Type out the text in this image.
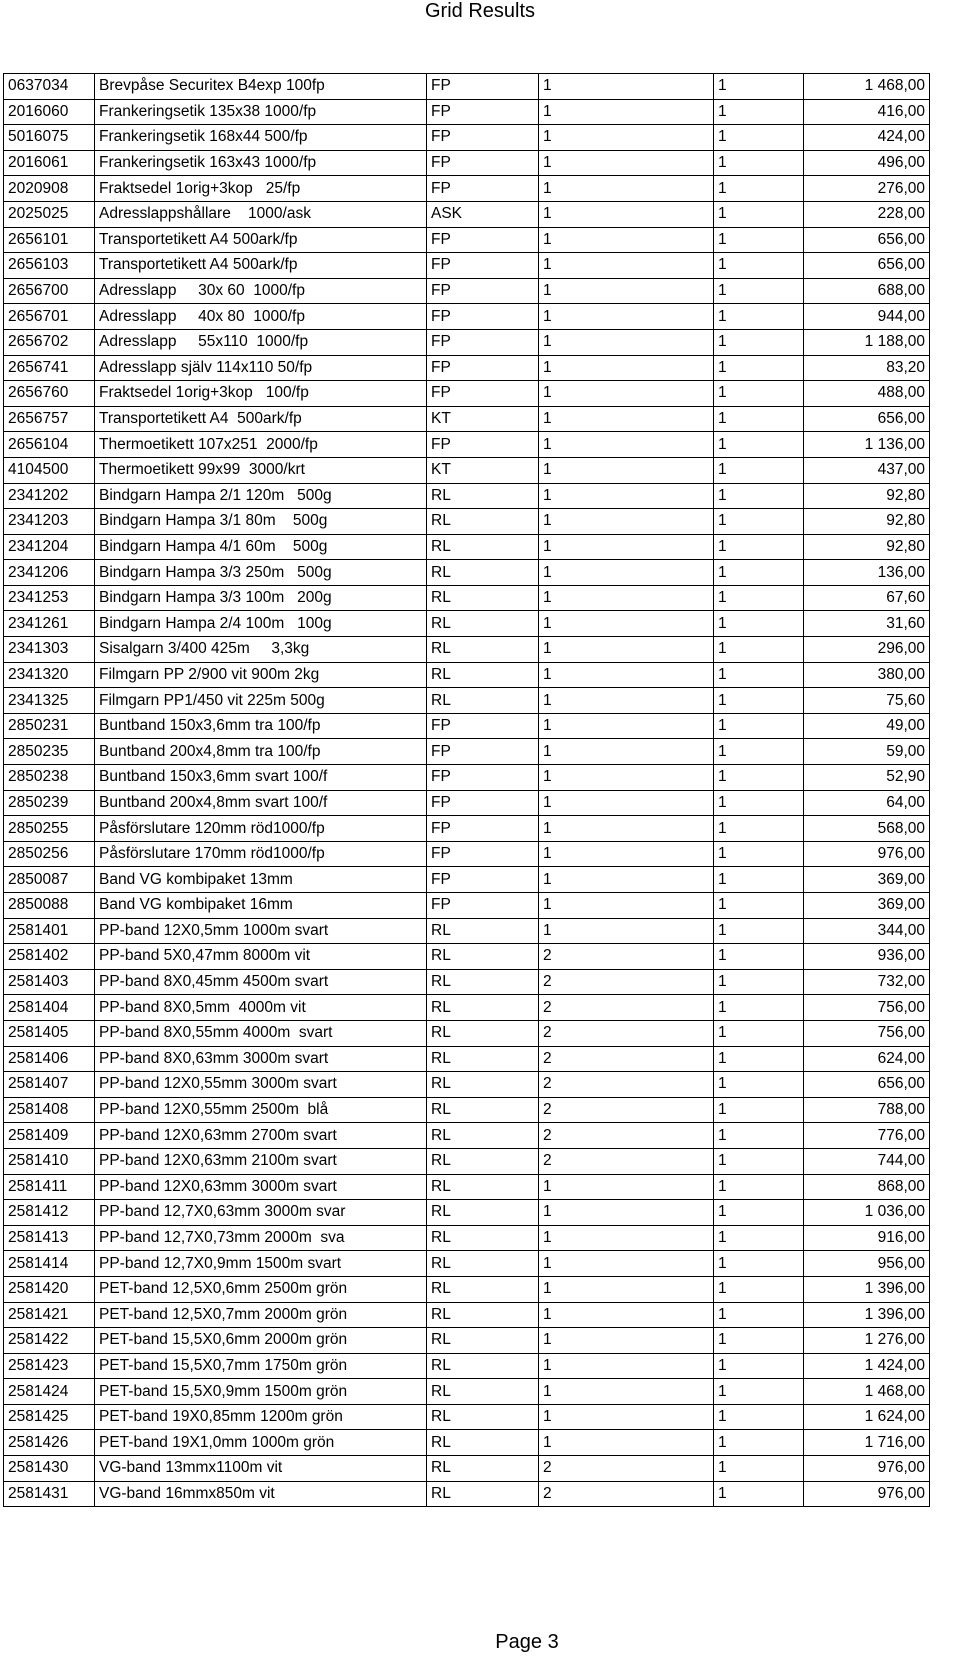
Grid Results
0637034	Brevpåse Securitex B4exp 100fp	FP	1	1	1 468,00
2016060	Frankeringsetik 135x38 1000/fp	FP	1	1	416,00
5016075	Frankeringsetik 168x44 500/fp	FP	1	1	424,00
2016061	Frankeringsetik 163x43 1000/fp	FP	1	1	496,00
2020908	Fraktsedel 1orig+3kop   25/fp	FP	1	1	276,00
2025025	Adresslappshållare    1000/ask	ASK	1	1	228,00
2656101	Transportetikett A4 500ark/fp	FP	1	1	656,00
2656103	Transportetikett A4 500ark/fp	FP	1	1	656,00
2656700	Adresslapp     30x 60  1000/fp	FP	1	1	688,00
2656701	Adresslapp     40x 80  1000/fp	FP	1	1	944,00
2656702	Adresslapp     55x110  1000/fp	FP	1	1	1 188,00
2656741	Adresslapp själv 114x110 50/fp	FP	1	1	83,20
2656760	Fraktsedel 1orig+3kop   100/fp	FP	1	1	488,00
2656757	Transportetikett A4  500ark/fp	KT	1	1	656,00
2656104	Thermoetikett 107x251  2000/fp	FP	1	1	1 136,00
4104500	Thermoetikett 99x99  3000/krt	KT	1	1	437,00
2341202	Bindgarn Hampa 2/1 120m   500g	RL	1	1	92,80
2341203	Bindgarn Hampa 3/1 80m    500g	RL	1	1	92,80
2341204	Bindgarn Hampa 4/1 60m    500g	RL	1	1	92,80
2341206	Bindgarn Hampa 3/3 250m   500g	RL	1	1	136,00
2341253	Bindgarn Hampa 3/3 100m   200g	RL	1	1	67,60
2341261	Bindgarn Hampa 2/4 100m   100g	RL	1	1	31,60
2341303	Sisalgarn 3/400 425m     3,3kg	RL	1	1	296,00
2341320	Filmgarn PP 2/900 vit 900m 2kg	RL	1	1	380,00
2341325	Filmgarn PP1/450 vit 225m 500g	RL	1	1	75,60
2850231	Buntband 150x3,6mm tra 100/fp	FP	1	1	49,00
2850235	Buntband 200x4,8mm tra 100/fp	FP	1	1	59,00
2850238	Buntband 150x3,6mm svart 100/f	FP	1	1	52,90
2850239	Buntband 200x4,8mm svart 100/f	FP	1	1	64,00
2850255	Påsförslutare 120mm röd1000/fp	FP	1	1	568,00
2850256	Påsförslutare 170mm röd1000/fp	FP	1	1	976,00
2850087	Band VG kombipaket 13mm	FP	1	1	369,00
2850088	Band VG kombipaket 16mm	FP	1	1	369,00
2581401	PP-band 12X0,5mm 1000m svart	RL	1	1	344,00
2581402	PP-band 5X0,47mm 8000m vit	RL	2	1	936,00
2581403	PP-band 8X0,45mm 4500m svart	RL	2	1	732,00
2581404	PP-band 8X0,5mm  4000m vit	RL	2	1	756,00
2581405	PP-band 8X0,55mm 4000m  svart	RL	2	1	756,00
2581406	PP-band 8X0,63mm 3000m svart	RL	2	1	624,00
2581407	PP-band 12X0,55mm 3000m svart	RL	2	1	656,00
2581408	PP-band 12X0,55mm 2500m  blå	RL	2	1	788,00
2581409	PP-band 12X0,63mm 2700m svart	RL	2	1	776,00
2581410	PP-band 12X0,63mm 2100m svart	RL	2	1	744,00
2581411	PP-band 12X0,63mm 3000m svart	RL	1	1	868,00
2581412	PP-band 12,7X0,63mm 3000m svar	RL	1	1	1 036,00
2581413	PP-band 12,7X0,73mm 2000m  sva	RL	1	1	916,00
2581414	PP-band 12,7X0,9mm 1500m svart	RL	1	1	956,00
2581420	PET-band 12,5X0,6mm 2500m grön	RL	1	1	1 396,00
2581421	PET-band 12,5X0,7mm 2000m grön	RL	1	1	1 396,00
2581422	PET-band 15,5X0,6mm 2000m grön	RL	1	1	1 276,00
2581423	PET-band 15,5X0,7mm 1750m grön	RL	1	1	1 424,00
2581424	PET-band 15,5X0,9mm 1500m grön	RL	1	1	1 468,00
2581425	PET-band 19X0,85mm 1200m grön	RL	1	1	1 624,00
2581426	PET-band 19X1,0mm 1000m grön	RL	1	1	1 716,00
2581430	VG-band 13mmx1100m vit	RL	2	1	976,00
2581431	VG-band 16mmx850m vit	RL	2	1	976,00
Page 3
